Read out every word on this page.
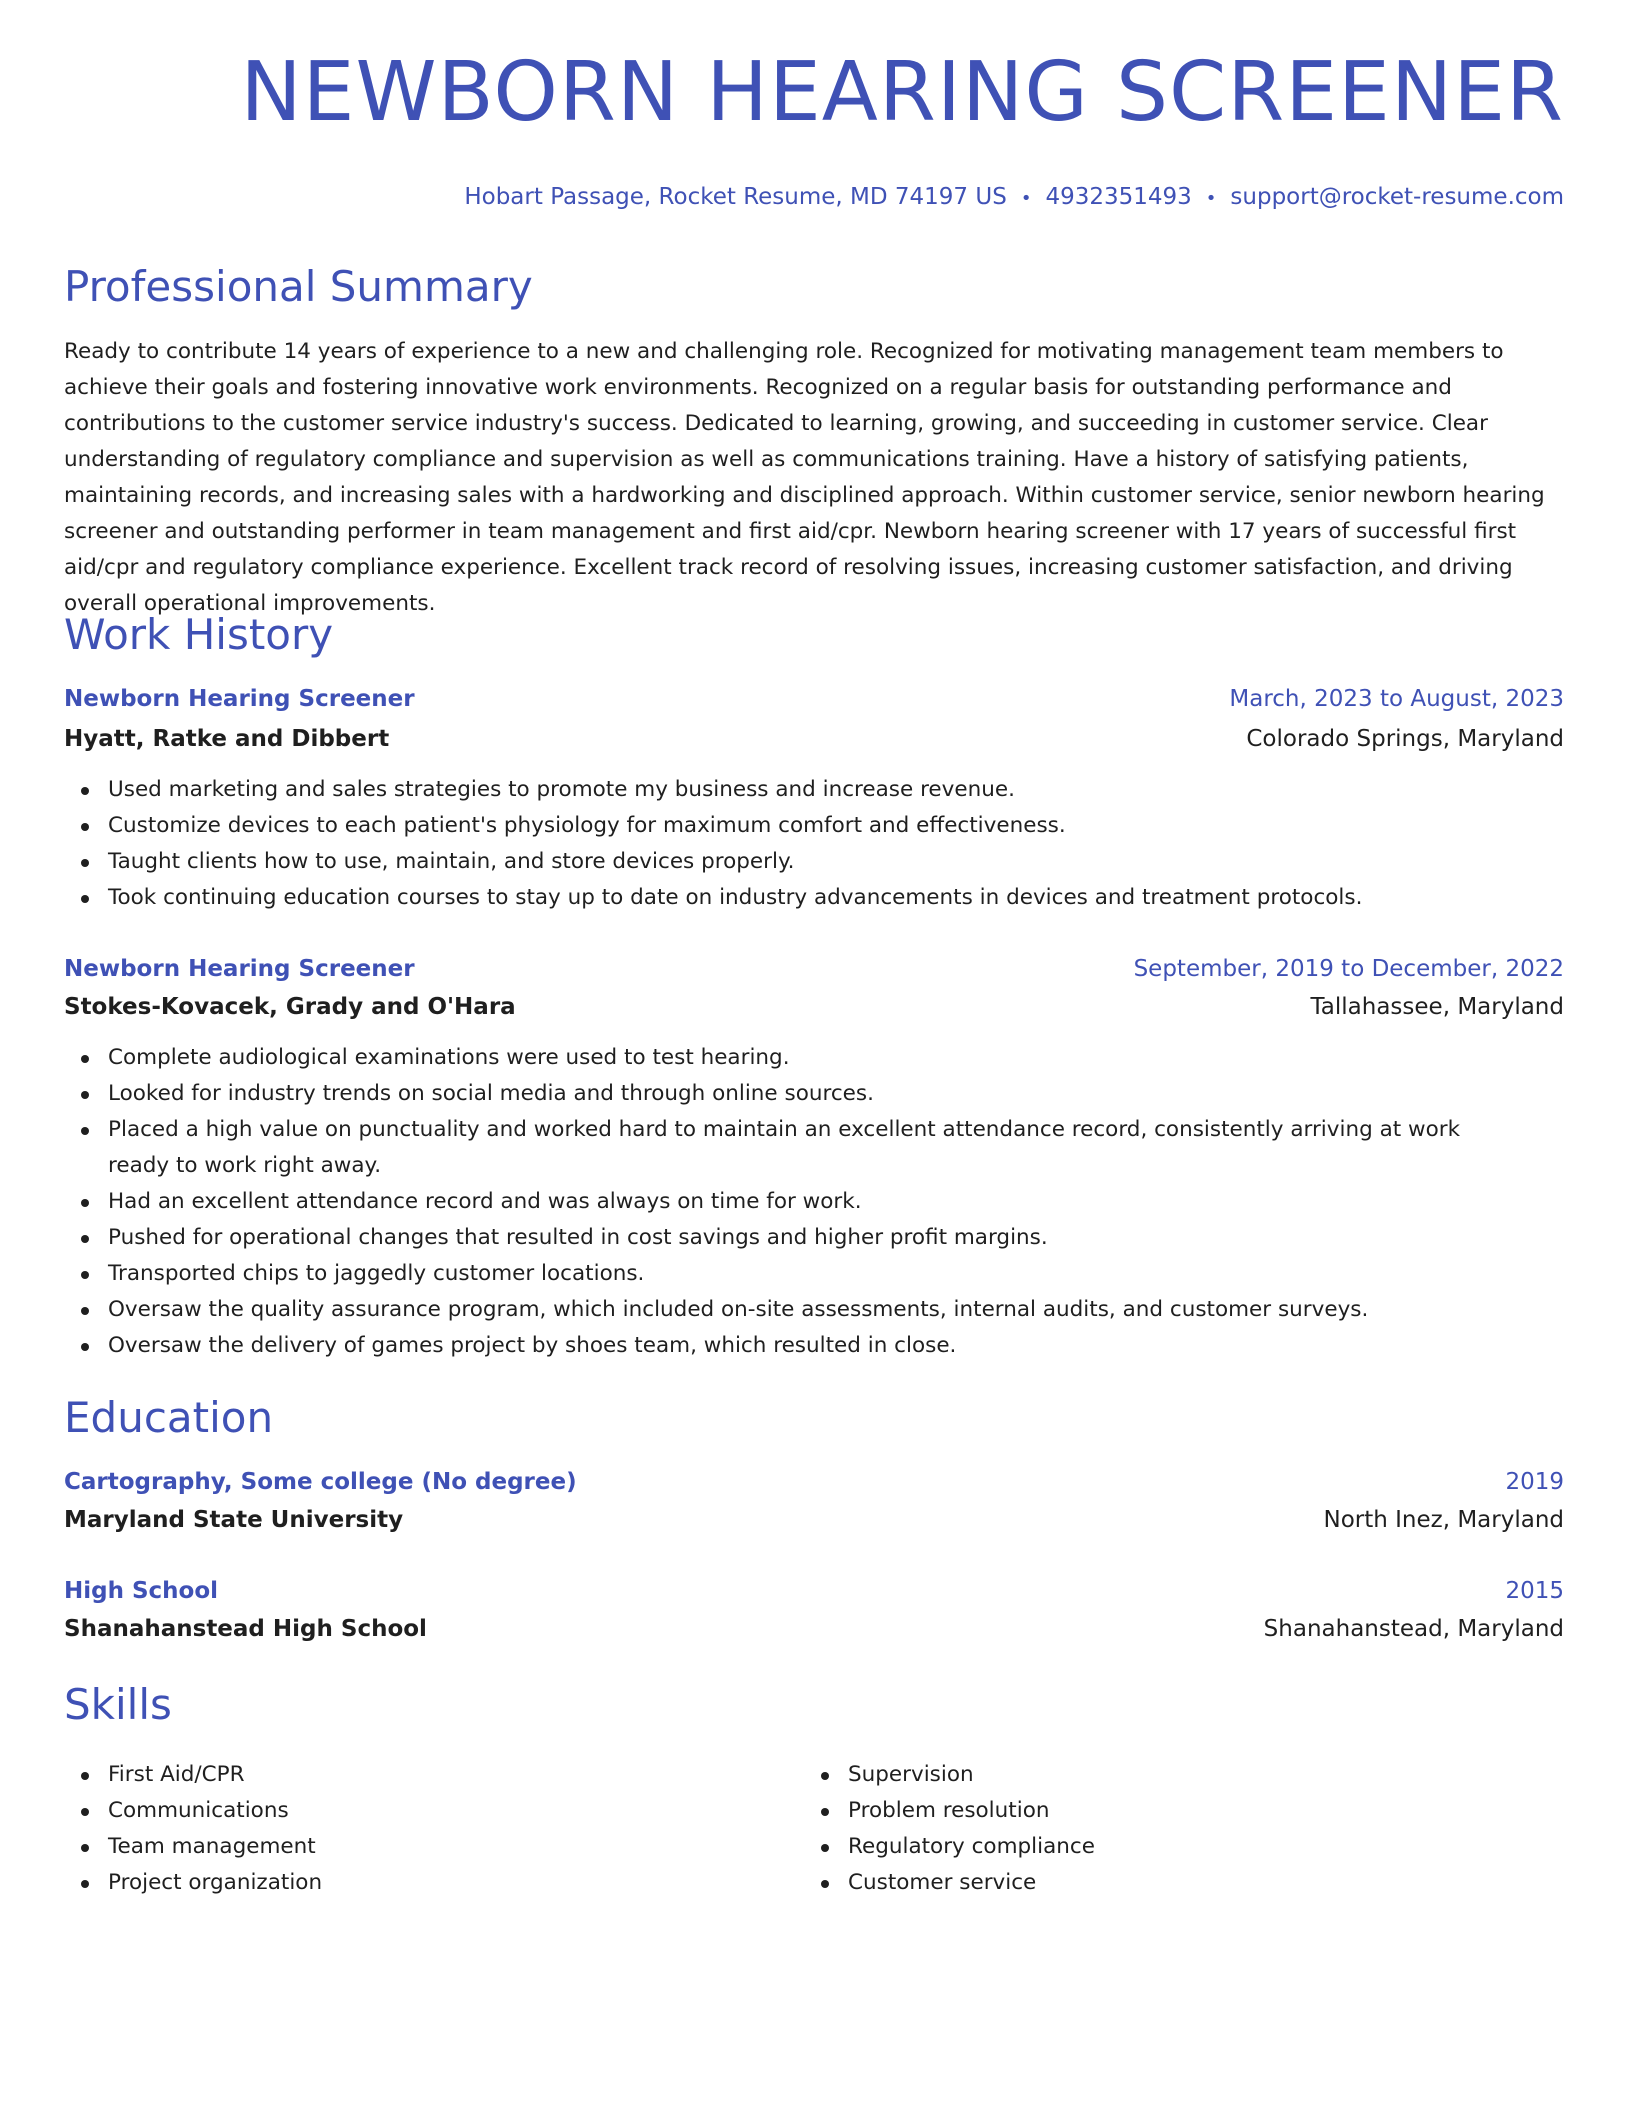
NEWBORN HEARING SCREENER
Hobart Passage, Rocket Resume, MD 74197 US • 4932351493 • support@rocket-resume.com
Professional Summary

Ready to contribute 14 years of experience to a new and challenging role. Recognized for motivating management team members to achieve their goals and fostering innovative work environments. Recognized on a regular basis for outstanding performance and contributions to the customer service industry's success. Dedicated to learning, growing, and succeeding in customer service. Clear understanding of regulatory compliance and supervision as well as communications training. Have a history of satisfying patients, maintaining records, and increasing sales with a hardworking and disciplined approach. Within customer service, senior newborn hearing screener and outstanding performer in team management and first aid/cpr. Newborn hearing screener with 17 years of successful first aid/cpr and regulatory compliance experience. Excellent track record of resolving issues, increasing customer satisfaction, and driving overall operational improvements.

Work History
Newborn Hearing Screener	March, 2023 to August, 2023
Hyatt, Ratke and Dibbert	Colorado Springs, Maryland
Used marketing and sales strategies to promote my business and increase revenue.
Customize devices to each patient's physiology for maximum comfort and effectiveness.
Taught clients how to use, maintain, and store devices properly.
Took continuing education courses to stay up to date on industry advancements in devices and treatment protocols.
Newborn Hearing Screener	September, 2019 to December, 2022
Stokes-Kovacek, Grady and O'Hara	Tallahassee, Maryland
Complete audiological examinations were used to test hearing.
Looked for industry trends on social media and through online sources.
Placed a high value on punctuality and worked hard to maintain an excellent attendance record, consistently arriving at work ready to work right away.
Had an excellent attendance record and was always on time for work.
Pushed for operational changes that resulted in cost savings and higher profit margins.
Transported chips to jaggedly customer locations.
Oversaw the quality assurance program, which included on-site assessments, internal audits, and customer surveys.
Oversaw the delivery of games project by shoes team, which resulted in close.
Education
Cartography, Some college (No degree)	2019
Maryland State University	North Inez, Maryland
High School	2015
Shanahanstead High School	Shanahanstead, Maryland
Skills
First Aid/CPR
Communications
Team management
Project organization
Supervision
Problem resolution
Regulatory compliance
Customer service
